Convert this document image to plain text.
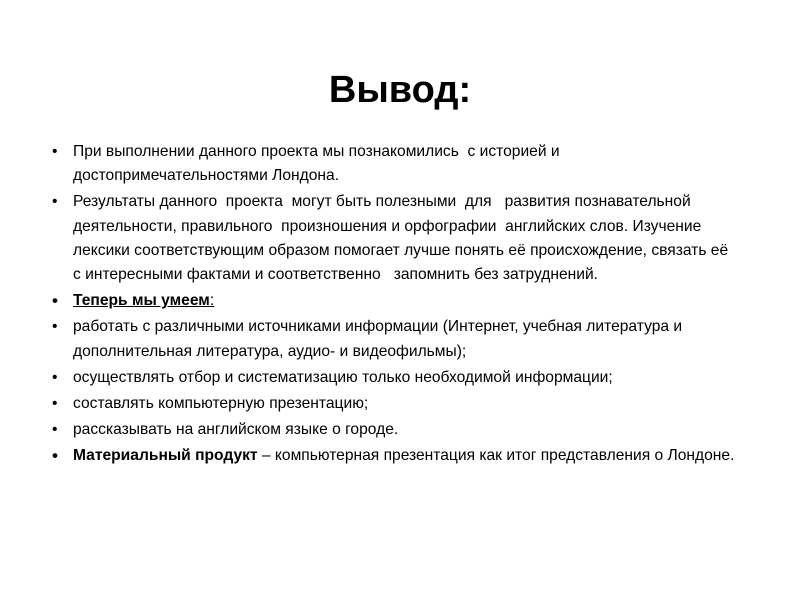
Вывод:
• При выполнении данного проекта мы познакомились  с историей и достопримечательностями Лондона.
• Результаты данного  проекта  могут быть полезными  для   развития познавательной деятельности, правильного  произношения и орфографии  английских слов. Изучение лексики соответствующим образом помогает лучше понять её происхождение, связать её с интересными фактами и соответственно   запомнить без затруднений.
• Теперь мы умеем:
• работать с различными источниками информации (Интернет, учебная литература и дополнительная литература, аудио- и видеофильмы);
• осуществлять отбор и систематизацию только необходимой информации;
• составлять компьютерную презентацию;
• рассказывать на английском языке о городе.
• Материальный продукт – компьютерная презентация как итог представления о Лондоне.
